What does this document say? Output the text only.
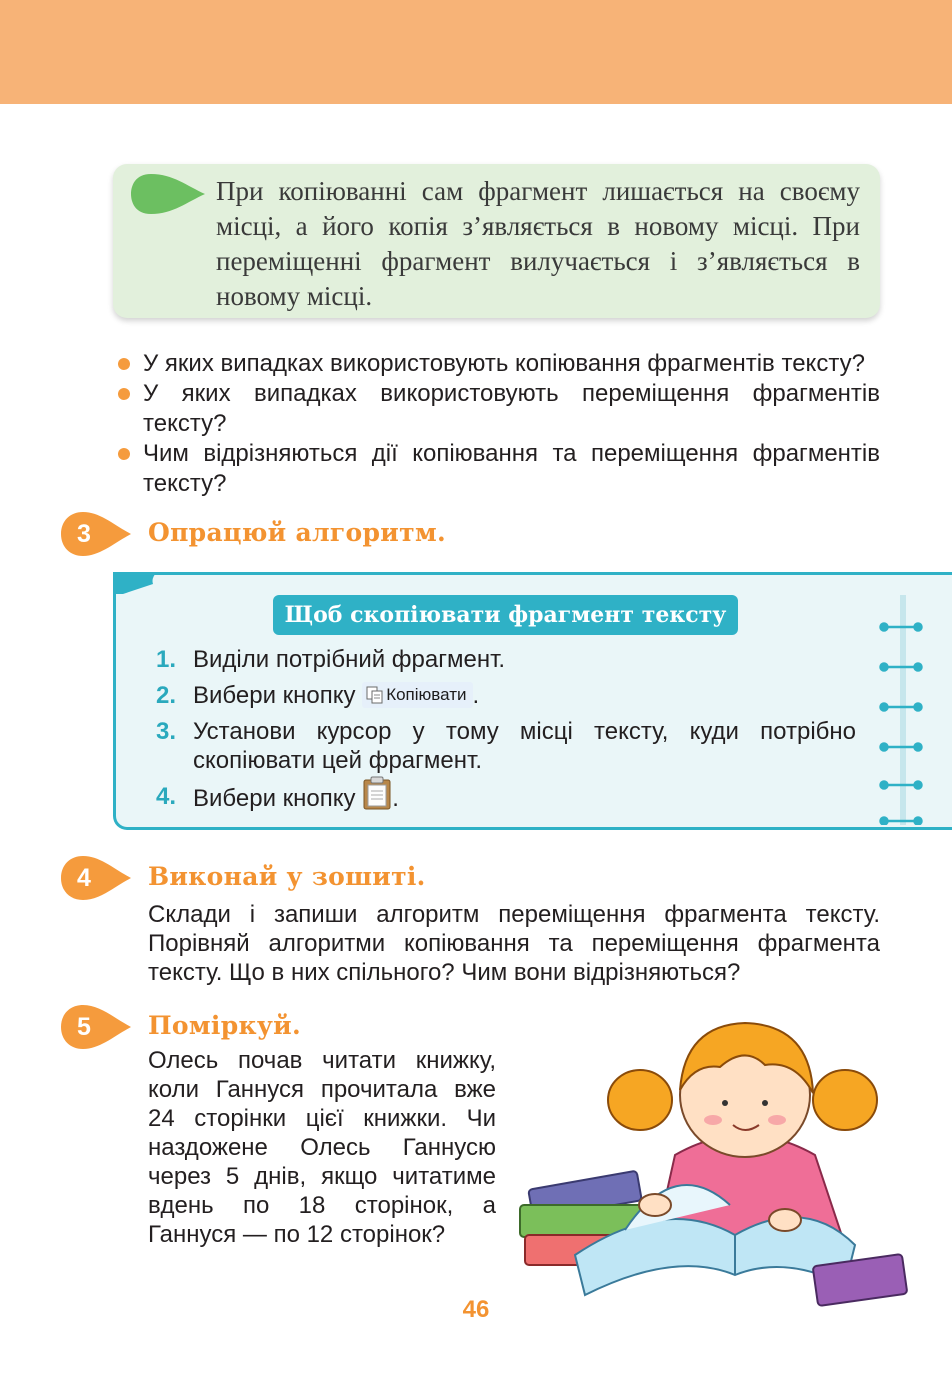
При копіюванні сам фрагмент лишається на своєму місці, а його копія з’являється в новому місці. При переміщенні фрагмент вилучається і з’являється в новому місці.
У яких випадках використовують копіювання фрагментів тексту?
У яких випадках використовують переміщення фрагментів тексту?
Чим відрізняються дії копіювання та переміщення фрагментів тексту?
3	Опрацюй алгоритм.
Щоб скопіювати фрагмент тексту
1. Виділи потрібний фрагмент.
2. Вибери кнопку Копіювати .
3. Установи курсор у тому місці тексту, куди потрібно скопіювати цей фрагмент.
4. Вибери кнопку .
4	Виконай у зошиті.
Склади і запиши алгоритм переміщення фрагмента тексту. Порівняй алгоритми копіювання та переміщення фрагмента тексту. Що в них спільного? Чим вони відрізняються?
5	Поміркуй.
Олесь почав читати книжку, коли Ганнуся прочитала вже 24 сторінки цієї книжки. Чи наздожене Олесь Ганнусю через 5 днів, якщо читатиме вдень по 18 сторінок, а Ганнуся — по 12 сторінок?
46
